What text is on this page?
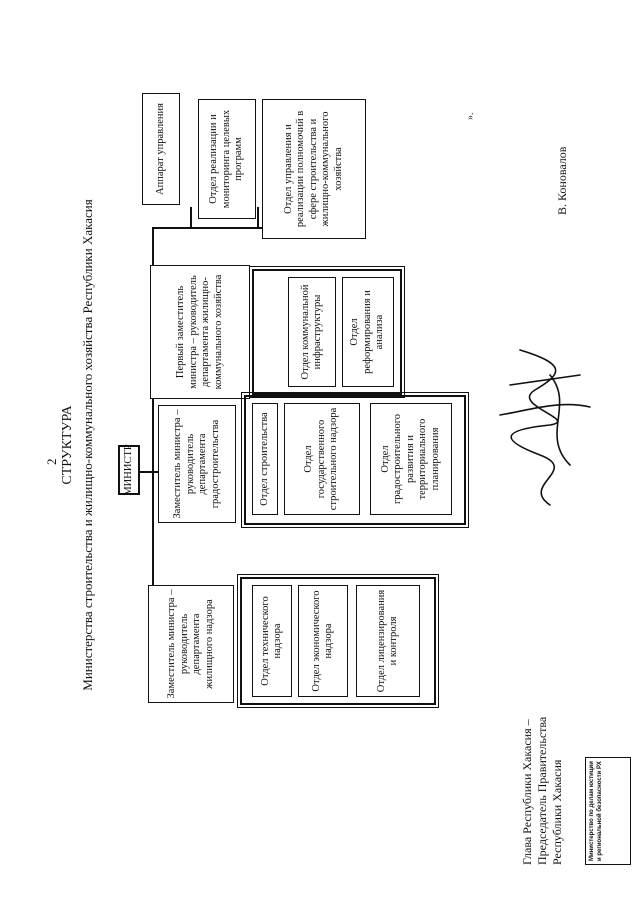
2 СТРУКТУРА Министерства строительства и жилищно-коммунального хозяйства Республики Хакасия	МИНИСТР
Аппарат управления	Отдел реализации и мониторинга целевых программ	Отдел управления и реализации полномочий в сфере строительства и жилищно-коммунального хозяйства
Заместитель министра – руководитель департамента жилищного надзора
Заместитель министра – руководитель департамента градостроительства
Первый заместитель министра – руководитель департамента жилищно-коммунального хозяйства
Отдел технического надзора	Отдел экономического надзора	Отдел лицензирования и контроля
Отдел строительства	Отдел государственного строительного надзора	Отдел градостроительного развития и территориального планирования
Отдел коммунальной инфраструктуры	Отдел реформирования и анализа
Глава Республики Хакасия – Председатель Правительства Республики Хакасия
В. Коновалов
Министерство по делам юстиции и региональной безопасности РХ
».
